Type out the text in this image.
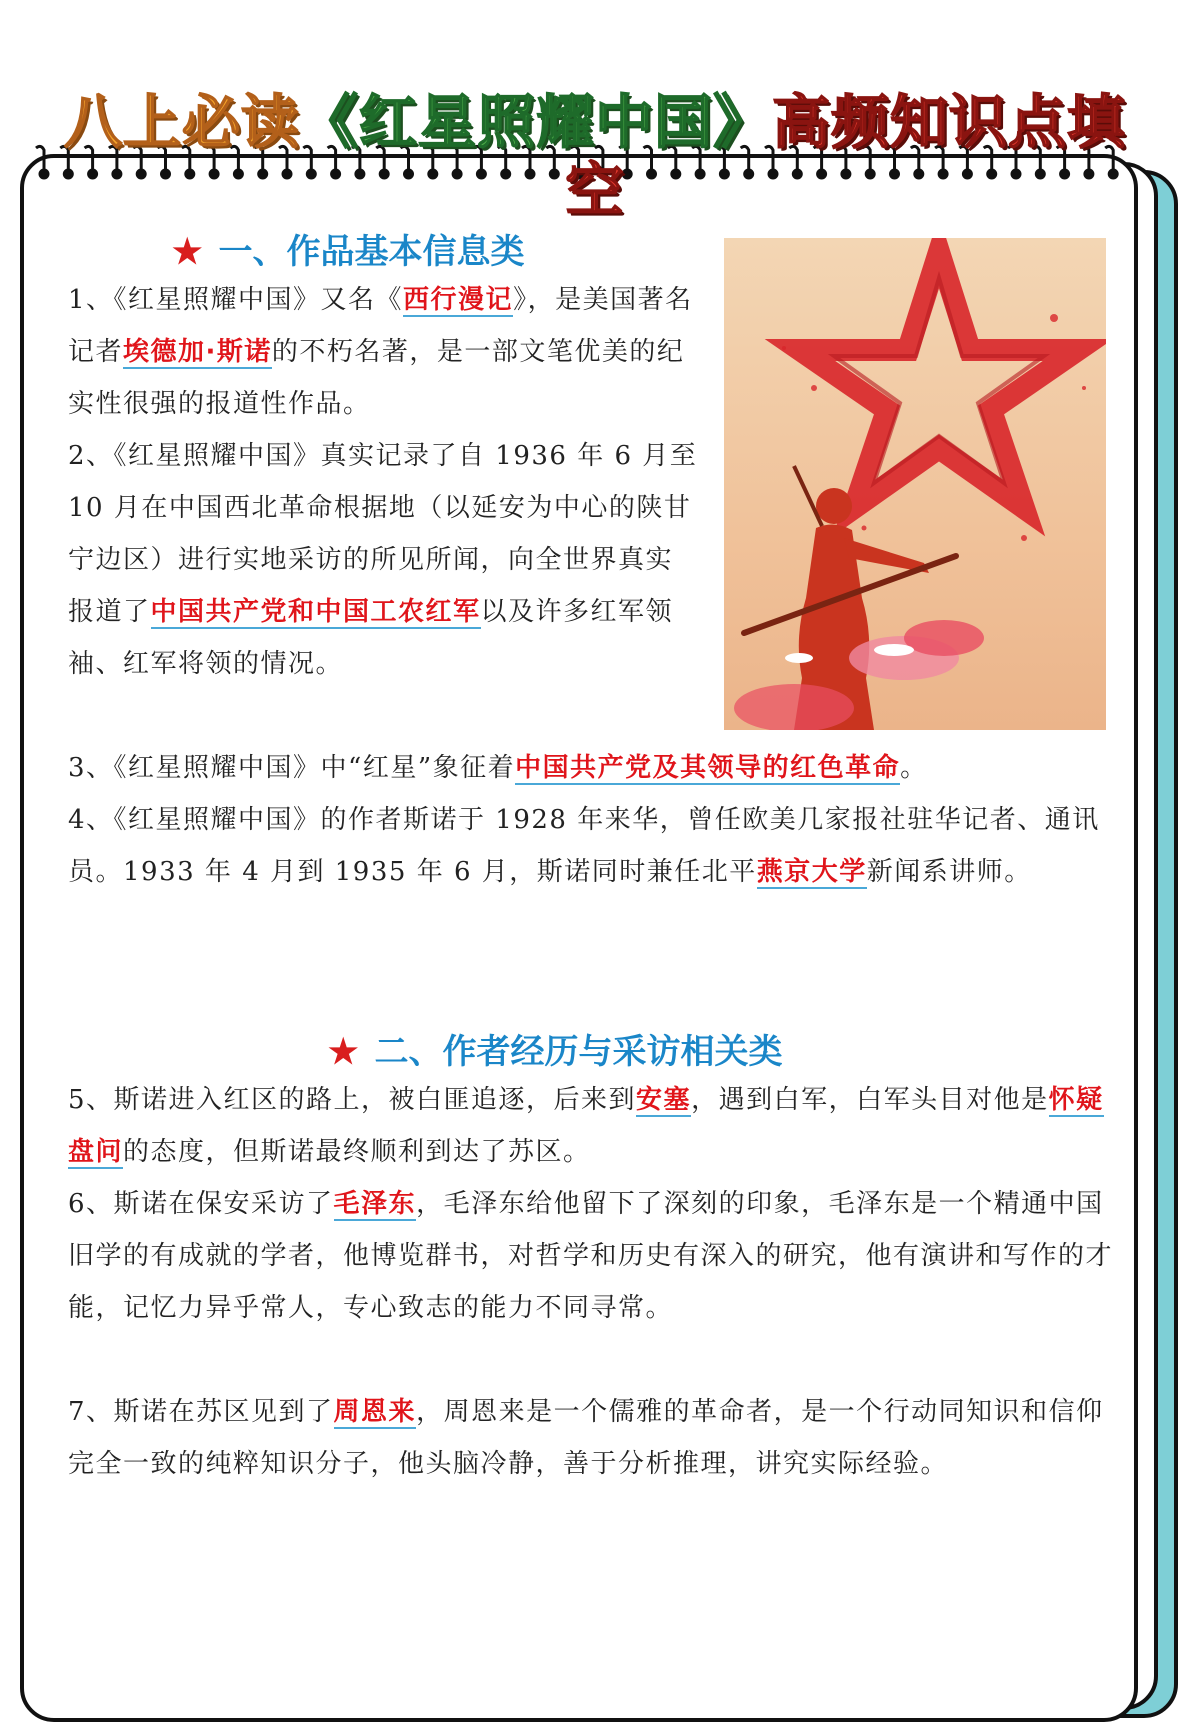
八上必读《红星照耀中国》高频知识点填空
★ 一、作品基本信息类

1、《红星照耀中国》又名《西行漫记》，是美国著名记者埃德加·斯诺的不朽名著，是一部文笔优美的纪实性很强的报道性作品。

2、《红星照耀中国》真实记录了自 1936 年 6 月至 10 月在中国西北革命根据地（以延安为中心的陕甘宁边区）进行实地采访的所见所闻，向全世界真实报道了中国共产党和中国工农红军以及许多红军领袖、红军将领的情况。

3、《红星照耀中国》中“红星”象征着中国共产党及其领导的红色革命。

4、《红星照耀中国》的作者斯诺于 1928 年来华，曾任欧美几家报社驻华记者、通讯员。1933 年 4 月到 1935 年 6 月，斯诺同时兼任北平燕京大学新闻系讲师。

★ 二、作者经历与采访相关类

5、斯诺进入红区的路上，被白匪追逐，后来到安塞，遇到白军，白军头目对他是怀疑盘问的态度，但斯诺最终顺利到达了苏区。

6、斯诺在保安采访了毛泽东，毛泽东给他留下了深刻的印象，毛泽东是一个精通中国旧学的有成就的学者，他博览群书，对哲学和历史有深入的研究，他有演讲和写作的才能，记忆力异乎常人，专心致志的能力不同寻常。

7、斯诺在苏区见到了周恩来，周恩来是一个儒雅的革命者，是一个行动同知识和信仰完全一致的纯粹知识分子，他头脑冷静，善于分析推理，讲究实际经验。
